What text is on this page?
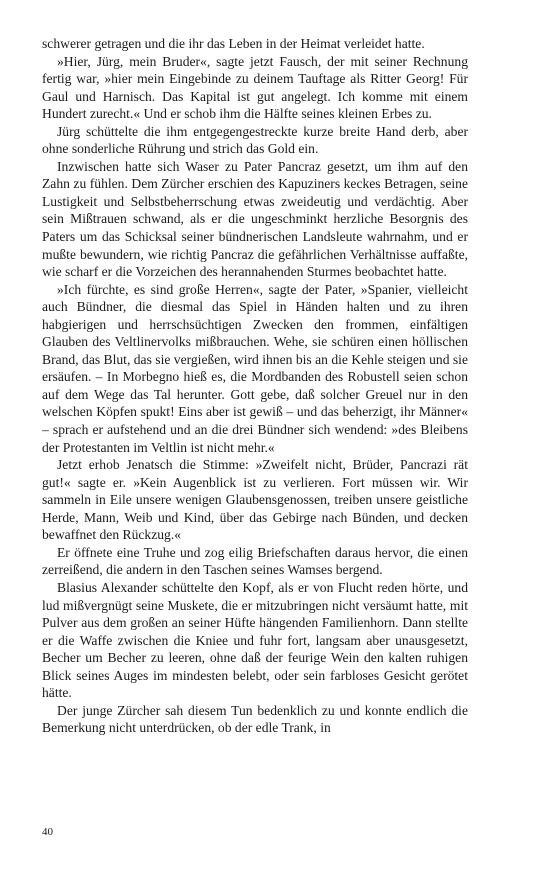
schwerer getragen und die ihr das Leben in der Heimat verleidet hatte.

»Hier, Jürg, mein Bruder«, sagte jetzt Fausch, der mit seiner Rechnung fertig war, »hier mein Eingebinde zu deinem Tauftage als Ritter Georg! Für Gaul und Harnisch. Das Kapital ist gut angelegt. Ich komme mit einem Hundert zurecht.« Und er schob ihm die Hälfte seines kleinen Erbes zu.

Jürg schüttelte die ihm entgegengestreckte kurze breite Hand derb, aber ohne sonderliche Rührung und strich das Gold ein.

Inzwischen hatte sich Waser zu Pater Pancraz gesetzt, um ihm auf den Zahn zu fühlen. Dem Zürcher erschien des Kapuziners keckes Betragen, seine Lustigkeit und Selbstbeherrschung etwas zweideutig und verdächtig. Aber sein Mißtrauen schwand, als er die ungeschminkt herzliche Besorgnis des Paters um das Schicksal seiner bündnerischen Landsleute wahrnahm, und er mußte bewundern, wie richtig Pancraz die gefährlichen Verhältnisse auffaßte, wie scharf er die Vorzeichen des herannahenden Sturmes beobachtet hatte.

»Ich fürchte, es sind große Herren«, sagte der Pater, »Spanier, vielleicht auch Bündner, die diesmal das Spiel in Händen halten und zu ihren habgierigen und herrschsüchtigen Zwecken den frommen, einfältigen Glauben des Veltlinervolks mißbrauchen. Wehe, sie schüren einen höllischen Brand, das Blut, das sie vergießen, wird ihnen bis an die Kehle steigen und sie ersäufen. – In Morbegno hieß es, die Mordbanden des Robustell seien schon auf dem Wege das Tal herunter. Gott gebe, daß solcher Greuel nur in den welschen Köpfen spukt! Eins aber ist gewiß – und das beherzigt, ihr Männer« – sprach er aufstehend und an die drei Bündner sich wendend: »des Bleibens der Protestanten im Veltlin ist nicht mehr.«

Jetzt erhob Jenatsch die Stimme: »Zweifelt nicht, Brüder, Pancrazi rät gut!« sagte er. »Kein Augenblick ist zu verlieren. Fort müssen wir. Wir sammeln in Eile unsere wenigen Glaubensgenossen, treiben unsere geistliche Herde, Mann, Weib und Kind, über das Gebirge nach Bünden, und decken bewaffnet den Rückzug.«

Er öffnete eine Truhe und zog eilig Briefschaften daraus hervor, die einen zerreißend, die andern in den Taschen seines Wamses bergend.

Blasius Alexander schüttelte den Kopf, als er von Flucht reden hörte, und lud mißvergnügt seine Muskete, die er mitzubringen nicht versäumt hatte, mit Pulver aus dem großen an seiner Hüfte hängenden Familienhorn. Dann stellte er die Waffe zwischen die Kniee und fuhr fort, langsam aber unausgesetzt, Becher um Becher zu leeren, ohne daß der feurige Wein den kalten ruhigen Blick seines Auges im mindesten belebt, oder sein farbloses Gesicht gerötet hätte.

Der junge Zürcher sah diesem Tun bedenklich zu und konnte endlich die Bemerkung nicht unterdrücken, ob der edle Trank, in

40
